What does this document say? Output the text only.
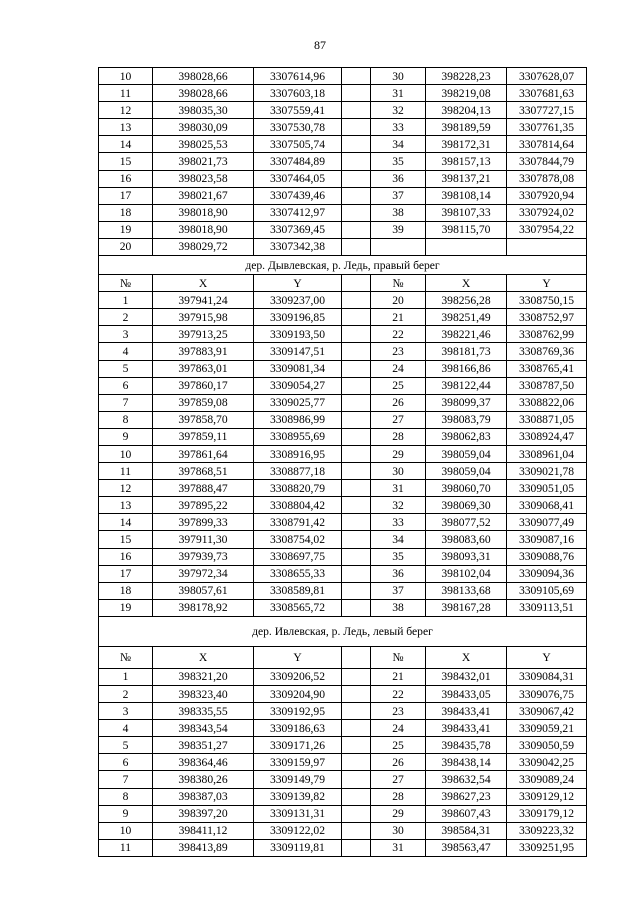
87
10	398028,66	3307614,96		30	398228,23	3307628,07
11	398028,66	3307603,18		31	398219,08	3307681,63
12	398035,30	3307559,41		32	398204,13	3307727,15
13	398030,09	3307530,78		33	398189,59	3307761,35
14	398025,53	3307505,74		34	398172,31	3307814,64
15	398021,73	3307484,89		35	398157,13	3307844,79
16	398023,58	3307464,05		36	398137,21	3307878,08
17	398021,67	3307439,46		37	398108,14	3307920,94
18	398018,90	3307412,97		38	398107,33	3307924,02
19	398018,90	3307369,45		39	398115,70	3307954,22
20	398029,72	3307342,38				
дер. Дывлевская, р. Ледь, правый берег						
№	X	Y		№	X	Y
1	397941,24	3309237,00		20	398256,28	3308750,15
2	397915,98	3309196,85		21	398251,49	3308752,97
3	397913,25	3309193,50		22	398221,46	3308762,99
4	397883,91	3309147,51		23	398181,73	3308769,36
5	397863,01	3309081,34		24	398166,86	3308765,41
6	397860,17	3309054,27		25	398122,44	3308787,50
7	397859,08	3309025,77		26	398099,37	3308822,06
8	397858,70	3308986,99		27	398083,79	3308871,05
9	397859,11	3308955,69		28	398062,83	3308924,47
10	397861,64	3308916,95		29	398059,04	3308961,04
11	397868,51	3308877,18		30	398059,04	3309021,78
12	397888,47	3308820,79		31	398060,70	3309051,05
13	397895,22	3308804,42		32	398069,30	3309068,41
14	397899,33	3308791,42		33	398077,52	3309077,49
15	397911,30	3308754,02		34	398083,60	3309087,16
16	397939,73	3308697,75		35	398093,31	3309088,76
17	397972,34	3308655,33		36	398102,04	3309094,36
18	398057,61	3308589,81		37	398133,68	3309105,69
19	398178,92	3308565,72		38	398167,28	3309113,51
дер. Ивлевская, р. Ледь, левый берег						
№	X	Y		№	X	Y
1	398321,20	3309206,52		21	398432,01	3309084,31
2	398323,40	3309204,90		22	398433,05	3309076,75
3	398335,55	3309192,95		23	398433,41	3309067,42
4	398343,54	3309186,63		24	398433,41	3309059,21
5	398351,27	3309171,26		25	398435,78	3309050,59
6	398364,46	3309159,97		26	398438,14	3309042,25
7	398380,26	3309149,79		27	398632,54	3309089,24
8	398387,03	3309139,82		28	398627,23	3309129,12
9	398397,20	3309131,31		29	398607,43	3309179,12
10	398411,12	3309122,02		30	398584,31	3309223,32
11	398413,89	3309119,81		31	398563,47	3309251,95
